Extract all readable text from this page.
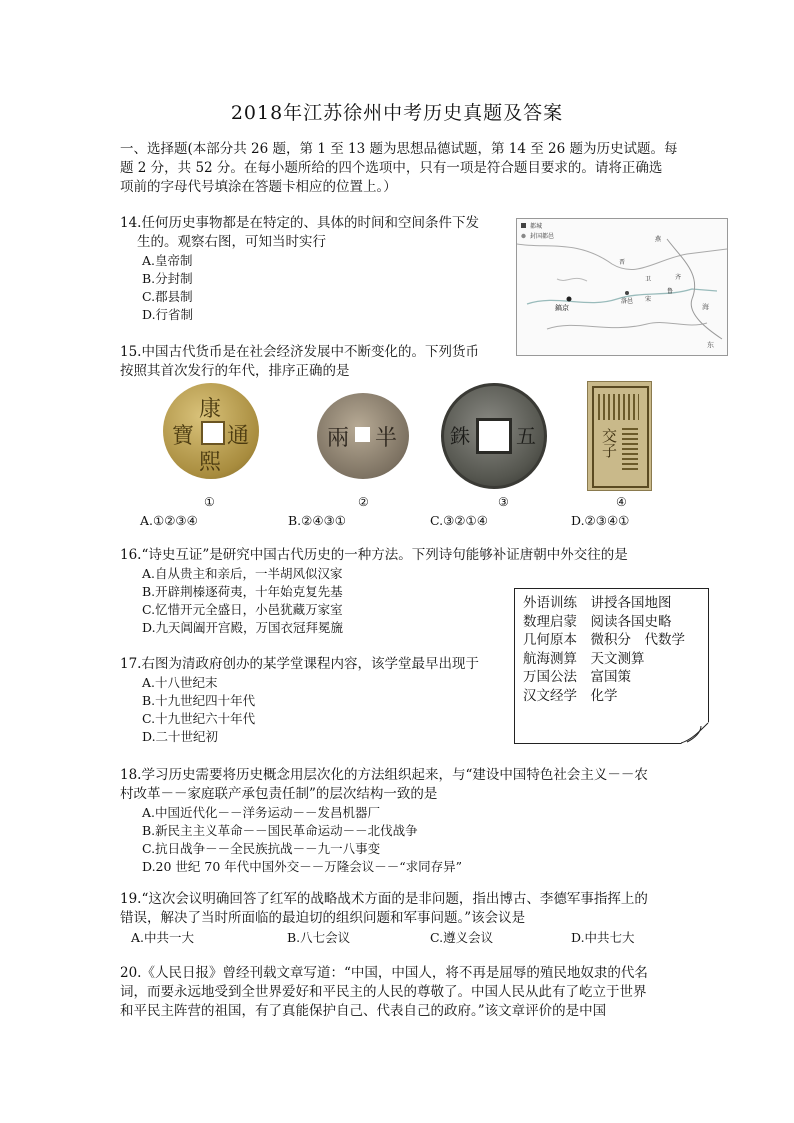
2018年江苏徐州中考历史真题及答案
一、选择题(本部分共 26 题，第 1 至 13 题为思想品德试题，第 14 至 26 题为历史试题。每
题 2 分，共 52 分。在每小题所给的四个选项中，只有一项是符合题目要求的。请将正确选
项前的字母代号填涂在答题卡相应的位置上。）
14.任何历史事物都是在特定的、具体的时间和空间条件下发
生的。观察右图，可知当时实行
A.皇帝制
B.分封制
C.郡县制
D.行省制
都城
封国都邑
鎬京
洛邑 宋
燕
晋
齐
卫
鲁
海
东
15.中国古代货币是在社会经济发展中不断变化的。下列货币
按照其首次发行的年代，排序正确的是
康
熙
寶 通	兩 半	銖 五	交子
①	②	③	④
A.①②③④	B.②④③①	C.③②①④	D.②③④①
16.“诗史互证”是研究中国古代历史的一种方法。下列诗句能够补证唐朝中外交往的是
A.自从贵主和亲后，一半胡风似汉家
B.开辟荆榛逐荷夷，十年始克复先基
C.忆惜开元全盛日，小邑犹藏万家室
D.九天阊阖开宫殿，万国衣冠拜冕旒
外语训练　讲授各国地图
数理启蒙　阅读各国史略
几何原本　微积分　代数学
航海测算　天文测算
万国公法　富国策
汉文经学　化学
17.右图为清政府创办的某学堂课程内容，该学堂最早出现于
A.十八世纪末
B.十九世纪四十年代
C.十九世纪六十年代
D.二十世纪初
18.学习历史需要将历史概念用层次化的方法组织起来，与“建设中国特色社会主义－－农
村改革－－家庭联产承包责任制”的层次结构一致的是
A.中国近代化－－洋务运动－－发昌机器厂
B.新民主主义革命－－国民革命运动－－北伐战争
C.抗日战争－－全民族抗战－－九一八事变
D.20 世纪 70 年代中国外交－－万隆会议－－“求同存异”
19.“这次会议明确回答了红军的战略战术方面的是非问题，指出博古、李德军事指挥上的
错误，解决了当时所面临的最迫切的组织问题和军事问题。”该会议是
A.中共一大	B.八七会议	C.遵义会议	D.中共七大
20.《人民日报》曾经刊载文章写道：“中国，中国人，将不再是屈辱的殖民地奴隶的代名
词，而要永远地受到全世界爱好和平民主的人民的尊敬了。中国人民从此有了屹立于世界
和平民主阵营的祖国，有了真能保护自己、代表自己的政府。”该文章评价的是中国
